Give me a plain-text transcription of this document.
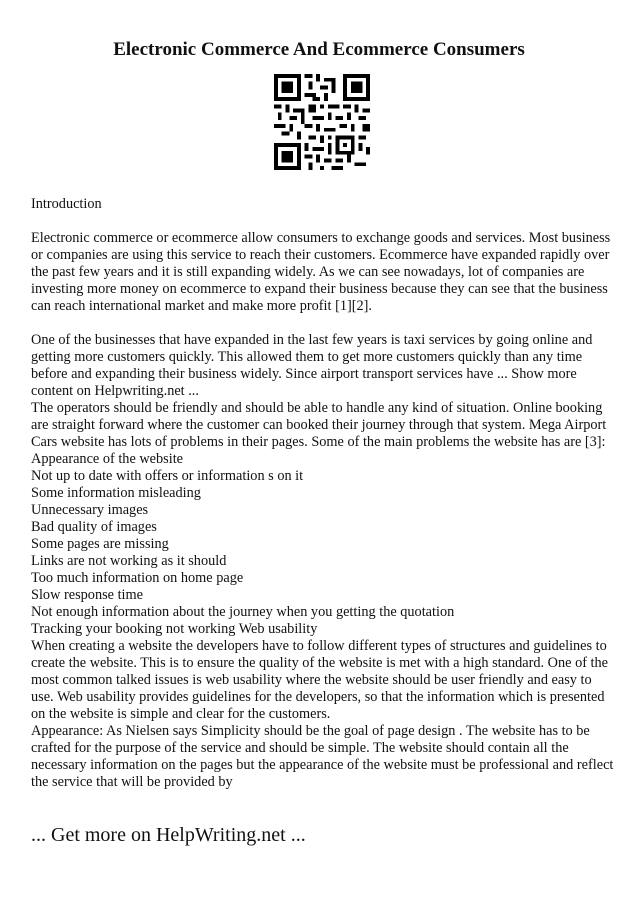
Electronic Commerce And Ecommerce Consumers

Introduction

Electronic commerce or ecommerce allow consumers to exchange goods and services. Most business or companies are using this service to reach their customers. Ecommerce have expanded rapidly over the past few years and it is still expanding widely. As we can see nowadays, lot of companies are investing more money on ecommerce to expand their business because they can see that the business can reach international market and make more profit [1][2].

One of the businesses that have expanded in the last few years is taxi services by going online and getting more customers quickly. This allowed them to get more customers quickly than any time before and expanding their business widely. Since airport transport services have ... Show more content on Helpwriting.net ...

The operators should be friendly and should be able to handle any kind of situation. Online booking are straight forward where the customer can booked their journey through that system. Mega Airport Cars website has lots of problems in their pages. Some of the main problems the website has are [3]:

Appearance of the website

Not up to date with offers or information s on it

Some information misleading

Unnecessary images

Bad quality of images

Some pages are missing

Links are not working as it should

Too much information on home page

Slow response time

Not enough information about the journey when you getting the quotation

Tracking your booking not working Web usability

When creating a website the developers have to follow different types of structures and guidelines to create the website. This is to ensure the quality of the website is met with a high standard. One of the most common talked issues is web usability where the website should be user friendly and easy to use. Web usability provides guidelines for the developers, so that the information which is presented on the website is simple and clear for the customers.

Appearance: As Nielsen says Simplicity should be the goal of page design . The website has to be crafted for the purpose of the service and should be simple. The website should contain all the necessary information on the pages but the appearance of the website must be professional and reflect the service that will be provided by

... Get more on HelpWriting.net ...
